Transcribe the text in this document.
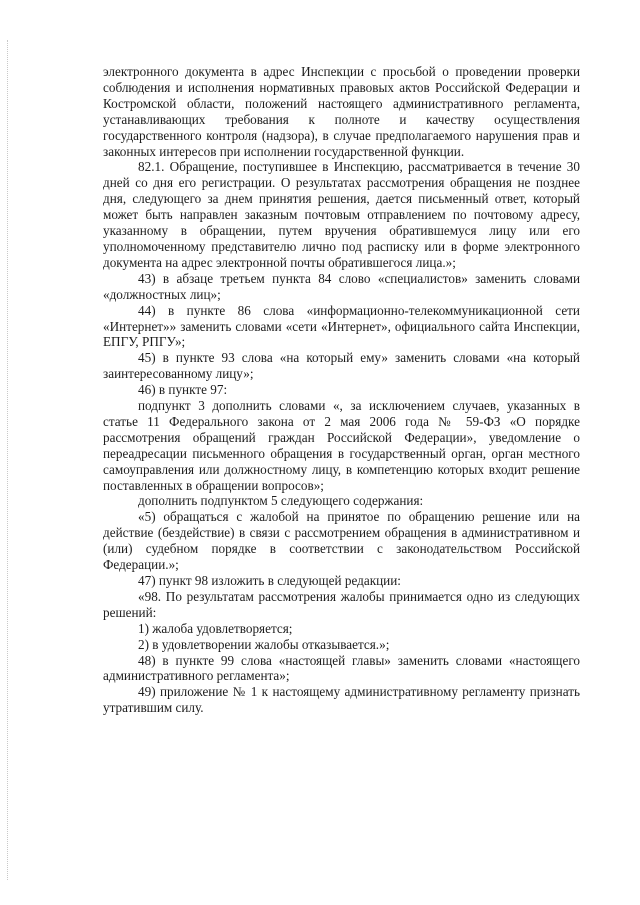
электронного документа в адрес Инспекции с просьбой о проведении проверки соблюдения и исполнения нормативных правовых актов Российской Федерации и Костромской области, положений настоящего административного регламента, устанавливающих требования к полноте и качеству осуществления государственного контроля (надзора), в случае предполагаемого нарушения прав и законных интересов при исполнении государственной функции.

82.1. Обращение, поступившее в Инспекцию, рассматривается в течение 30 дней со дня его регистрации. О результатах рассмотрения обращения не позднее дня, следующего за днем принятия решения, дается письменный ответ, который может быть направлен заказным почтовым отправлением по почтовому адресу, указанному в обращении, путем вручения обратившемуся лицу или его уполномоченному представителю лично под расписку или в форме электронного документа на адрес электронной почты обратившегося лица.»;

43) в абзаце третьем пункта 84 слово «специалистов» заменить словами «должностных лиц»;

44) в пункте 86 слова «информационно-телекоммуникационной сети «Интернет»» заменить словами «сети «Интернет», официального сайта Инспекции, ЕПГУ, РПГУ»;

45) в пункте 93 слова «на который ему» заменить словами «на который заинтересованному лицу»;

46) в пункте 97:

подпункт 3 дополнить словами «, за исключением случаев, указанных в статье 11 Федерального закона от 2 мая 2006 года № 59-ФЗ «О порядке рассмотрения обращений граждан Российской Федерации», уведомление о переадресации письменного обращения в государственный орган, орган местного самоуправления или должностному лицу, в компетенцию которых входит решение поставленных в обращении вопросов»;

дополнить подпунктом 5 следующего содержания:

«5) обращаться с жалобой на принятое по обращению решение или на действие (бездействие) в связи с рассмотрением обращения в административном и (или) судебном порядке в соответствии с законодательством Российской Федерации.»;

47) пункт 98 изложить в следующей редакции:

«98. По результатам рассмотрения жалобы принимается одно из следующих решений:

1) жалоба удовлетворяется;

2) в удовлетворении жалобы отказывается.»;

48) в пункте 99 слова «настоящей главы» заменить словами «настоящего административного регламента»;

49) приложение № 1 к настоящему административному регламенту признать утратившим силу.
